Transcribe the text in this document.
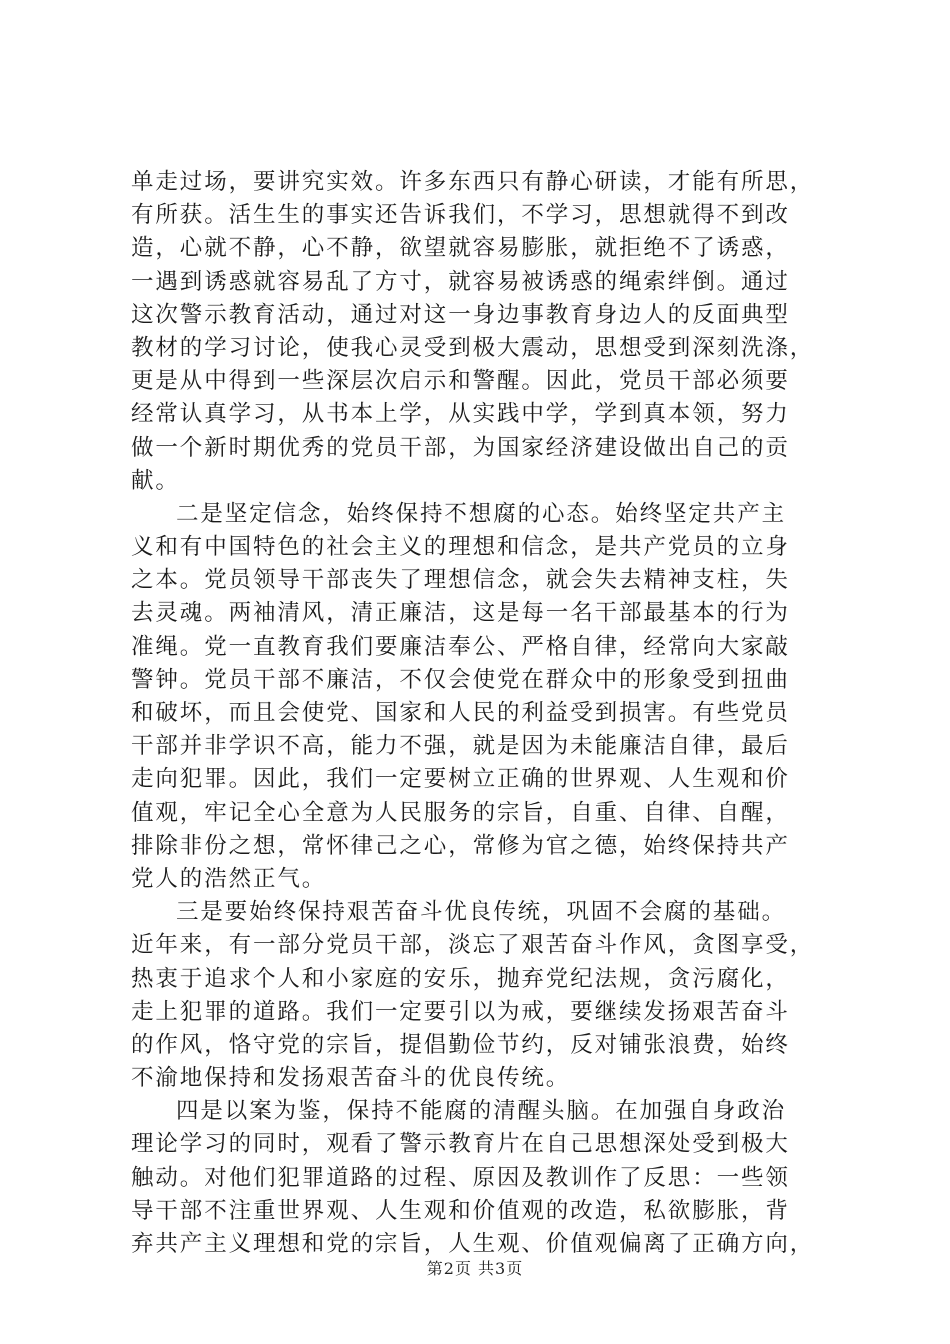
单走过场，要讲究实效。许多东西只有静心研读，才能有所思，
有所获。活生生的事实还告诉我们，不学习，思想就得不到改
造，心就不静，心不静，欲望就容易膨胀，就拒绝不了诱惑，
一遇到诱惑就容易乱了方寸，就容易被诱惑的绳索绊倒。通过
这次警示教育活动，通过对这一身边事教育身边人的反面典型
教材的学习讨论，使我心灵受到极大震动，思想受到深刻洗涤，
更是从中得到一些深层次启示和警醒。因此，党员干部必须要
经常认真学习，从书本上学，从实践中学，学到真本领，努力
做一个新时期优秀的党员干部，为国家经济建设做出自己的贡
献。
二是坚定信念，始终保持不想腐的心态。始终坚定共产主
义和有中国特色的社会主义的理想和信念，是共产党员的立身
之本。党员领导干部丧失了理想信念，就会失去精神支柱，失
去灵魂。两袖清风，清正廉洁，这是每一名干部最基本的行为
准绳。党一直教育我们要廉洁奉公、严格自律，经常向大家敲
警钟。党员干部不廉洁，不仅会使党在群众中的形象受到扭曲
和破坏，而且会使党、国家和人民的利益受到损害。有些党员
干部并非学识不高，能力不强，就是因为未能廉洁自律，最后
走向犯罪。因此，我们一定要树立正确的世界观、人生观和价
值观，牢记全心全意为人民服务的宗旨，自重、自律、自醒，
排除非份之想，常怀律己之心，常修为官之德，始终保持共产
党人的浩然正气。
三是要始终保持艰苦奋斗优良传统，巩固不会腐的基础。
近年来，有一部分党员干部，淡忘了艰苦奋斗作风，贪图享受，
热衷于追求个人和小家庭的安乐，抛弃党纪法规，贪污腐化，
走上犯罪的道路。我们一定要引以为戒，要继续发扬艰苦奋斗
的作风，恪守党的宗旨，提倡勤俭节约，反对铺张浪费，始终
不渝地保持和发扬艰苦奋斗的优良传统。
四是以案为鉴，保持不能腐的清醒头脑。在加强自身政治
理论学习的同时，观看了警示教育片在自己思想深处受到极大
触动。对他们犯罪道路的过程、原因及教训作了反思：一些领
导干部不注重世界观、人生观和价值观的改造，私欲膨胀，背
弃共产主义理想和党的宗旨，人生观、价值观偏离了正确方向，
第2页 共3页
